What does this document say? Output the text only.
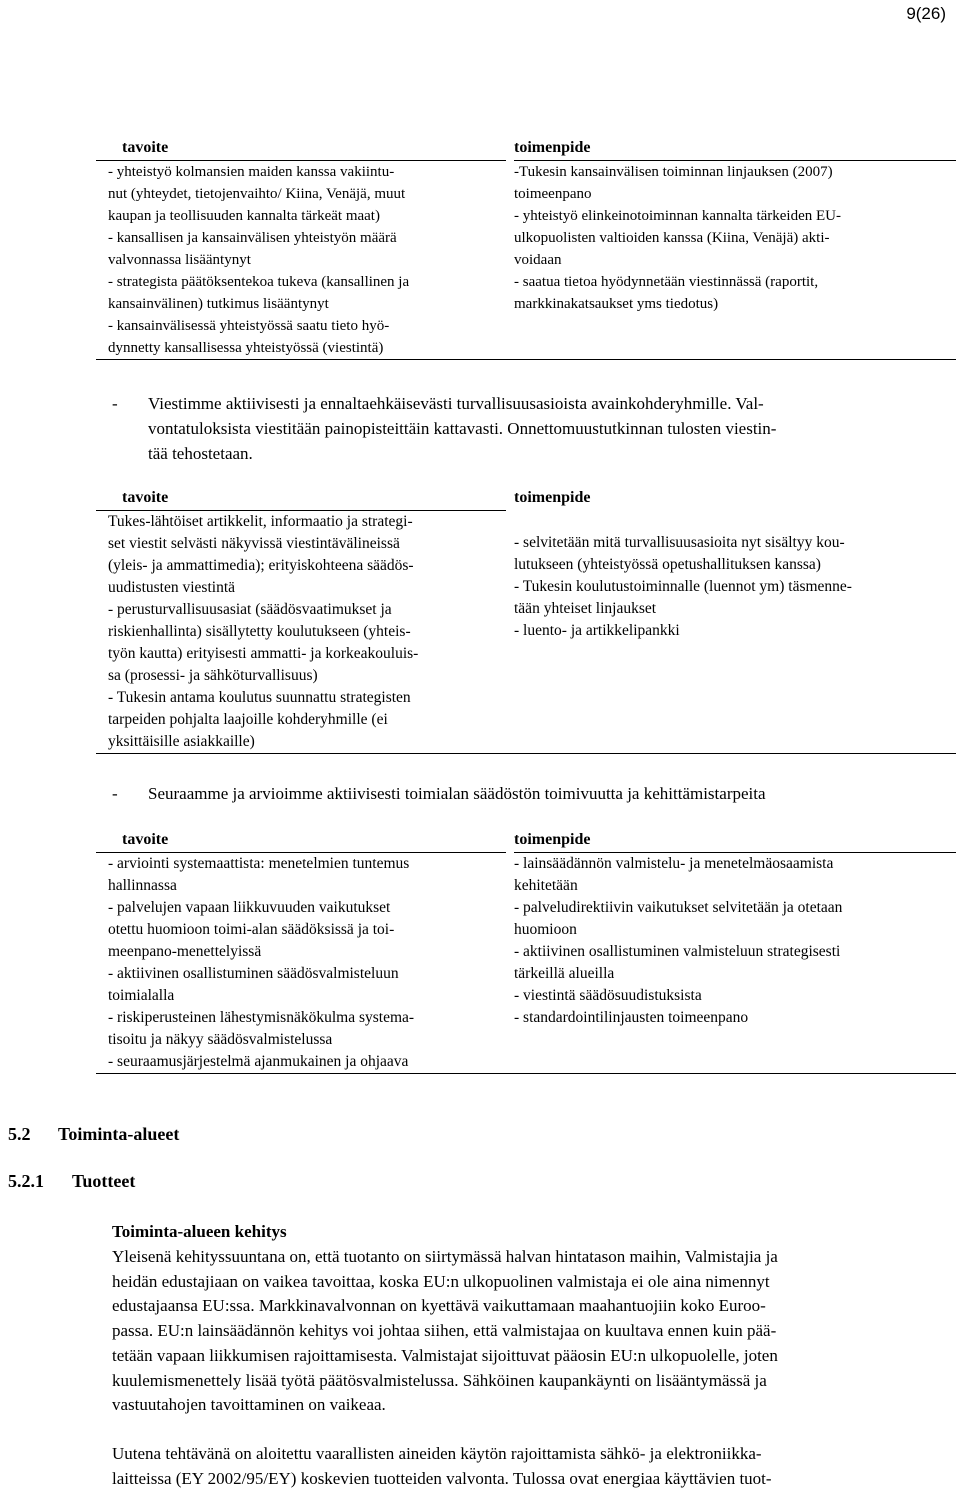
9(26)
tavoite
- yhteistyö kolmansien maiden kanssa vakiintu-
nut (yhteydet, tietojenvaihto/ Kiina, Venäjä, muut
kaupan ja teollisuuden kannalta tärkeät maat)
- kansallisen ja kansainvälisen yhteistyön määrä
valvonnassa lisääntynyt
- strategista päätöksentekoa tukeva (kansallinen ja
kansainvälinen) tutkimus lisääntynyt
- kansainvälisessä yhteistyössä saatu tieto hyö-
dynnetty kansallisessa yhteistyössä (viestintä)
toimenpide
-Tukesin kansainvälisen toiminnan linjauksen (2007)
toimeenpano
- yhteistyö elinkeinotoiminnan kannalta tärkeiden EU-
ulkopuolisten valtioiden kanssa (Kiina, Venäjä) akti-
voidaan
- saatua tietoa hyödynnetään viestinnässä (raportit,
markkinakatsaukset yms tiedotus)
- Viestimme aktiivisesti ja ennaltaehkäisevästi turvallisuusasioista avainkohderyhmille. Val-
vontatuloksista viestitään painopisteittäin kattavasti. Onnettomuustutkinnan tulosten viestin-
tää tehostetaan.
tavoite
Tukes-lähtöiset artikkelit, informaatio ja strategi-
set viestit selvästi näkyvissä viestintävälineissä
(yleis- ja ammattimedia); erityiskohteena säädös-
uudistusten viestintä
- perusturvallisuusasiat (säädösvaatimukset ja
riskienhallinta) sisällytetty koulutukseen (yhteis-
työn kautta) erityisesti ammatti- ja korkeakouluis-
sa (prosessi- ja sähköturvallisuus)
- Tukesin antama koulutus suunnattu strategisten
tarpeiden pohjalta laajoille kohderyhmille (ei
yksittäisille asiakkaille)
toimenpide

- selvitetään mitä turvallisuusasioita nyt sisältyy kou-
lutukseen (yhteistyössä opetushallituksen kanssa)
- Tukesin koulutustoiminnalle (luennot ym) täsmenne-
tään yhteiset linjaukset
- luento- ja artikkelipankki
- Seuraamme ja arvioimme aktiivisesti toimialan säädöstön toimivuutta ja kehittämistarpeita
tavoite
- arviointi systemaattista: menetelmien tuntemus
hallinnassa
- palvelujen vapaan liikkuvuuden vaikutukset
otettu huomioon toimi-alan säädöksissä ja toi-
meenpano-menettelyissä
- aktiivinen osallistuminen säädösvalmisteluun
toimialalla
- riskiperusteinen lähestymisnäkökulma systema-
tisoitu ja näkyy säädösvalmistelussa
- seuraamusjärjestelmä ajanmukainen ja ohjaava
toimenpide
- lainsäädännön valmistelu- ja menetelmäosaamista
kehitetään
- palveludirektiivin vaikutukset selvitetään ja otetaan
huomioon
- aktiivinen osallistuminen valmisteluun strategisesti
tärkeillä alueilla
- viestintä säädösuudistuksista
- standardointilinjausten toimeenpano
5.2 Toiminta-alueet
5.2.1 Tuotteet
Toiminta-alueen kehitys
Yleisenä kehityssuuntana on, että tuotanto on siirtymässä halvan hintatason maihin, Valmistajia ja
heidän edustajiaan on vaikea tavoittaa, koska EU:n ulkopuolinen valmistaja ei ole aina nimennyt
edustajaansa EU:ssa. Markkinavalvonnan on kyettävä vaikuttamaan maahantuojiin koko Euroo-
passa. EU:n lainsäädännön kehitys voi johtaa siihen, että valmistajaa on kuultava ennen kuin pää-
tetään vapaan liikkumisen rajoittamisesta. Valmistajat sijoittuvat pääosin EU:n ulkopuolelle, joten
kuulemismenettely lisää työtä päätösvalmistelussa. Sähköinen kaupankäynti on lisääntymässä ja
vastuutahojen tavoittaminen on vaikeaa.
Uutena tehtävänä on aloitettu vaarallisten aineiden käytön rajoittamista sähkö- ja elektroniikka-
laitteissa (EY 2002/95/EY) koskevien tuotteiden valvonta. Tulossa ovat energiaa käyttävien tuot-
